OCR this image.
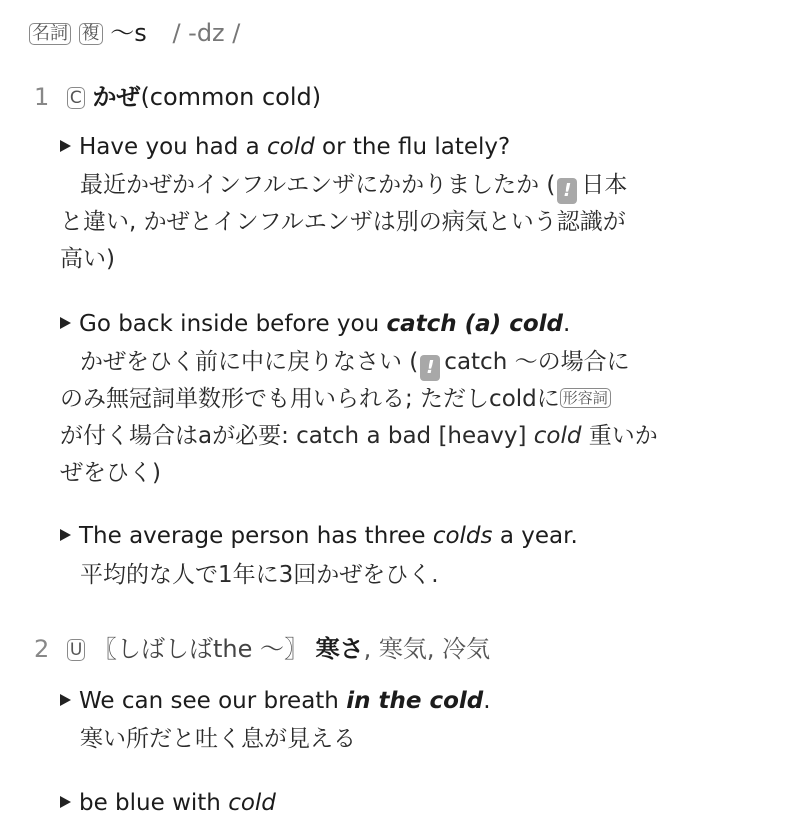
名詞 複 〜s / -dz /
1 C かぜ(common cold)
Have you had a cold or the flu lately?
最近かぜかインフルエンザにかかりましたか ( ! 日本
と違い, かぜとインフルエンザは別の病気という認識が
高い)
Go back inside before you catch (a) cold.
かぜをひく前に中に戻りなさい ( ! catch 〜の場合に
のみ無冠詞単数形でも用いられる; ただしcoldに 形容詞
が付く場合はaが必要: catch a bad [heavy] cold 重いか
ぜをひく)
The average person has three colds a year.
平均的な人で1年に3回かぜをひく.
2 U 〖しばしばthe 〜〗 寒さ, 寒気, 冷気
We can see our breath in the cold.
寒い所だと吐く息が見える
be blue with cold
